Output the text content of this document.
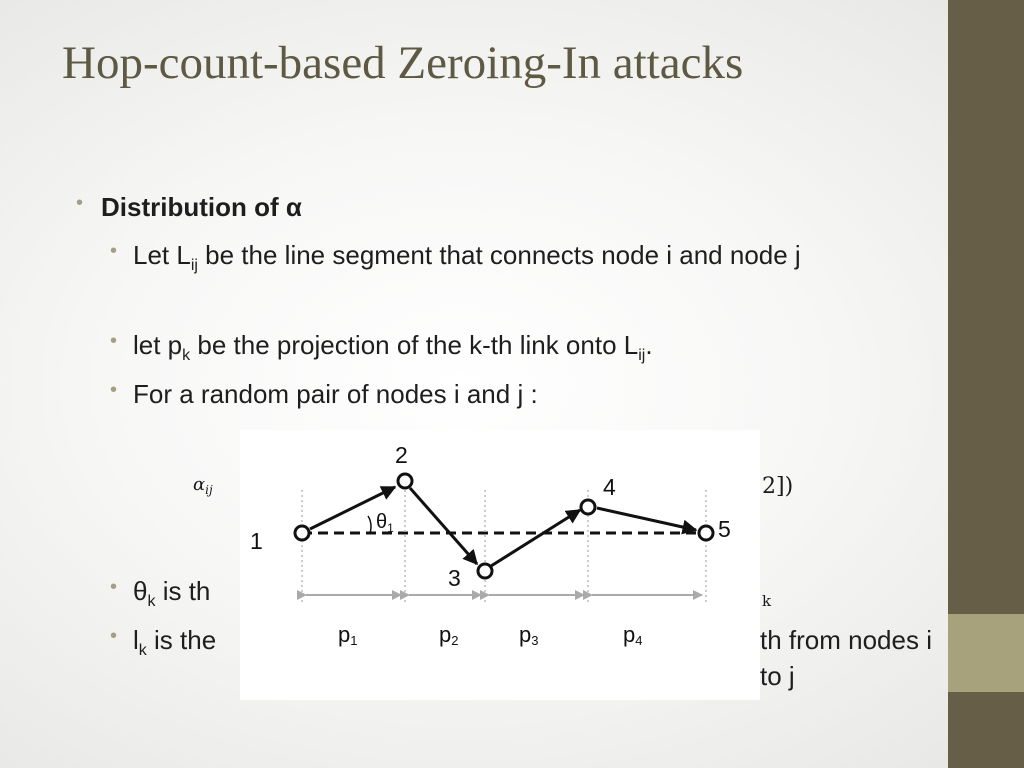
Hop-count-based Zeroing-In attacks
• Distribution of α
• Let $L_{ij}$ be the line segment that connects node i and node j
• let $p_k$ be the projection of the k-th link onto $L_{ij}$.
• For a random pair of nodes i and j :
• $\theta_k$ is th
• $l_k$ is the	th from nodes i to j
$\alpha_{ij}$	2])
k
1
2
3
4
5
$\theta_1$
p1	p2	p3	p4
